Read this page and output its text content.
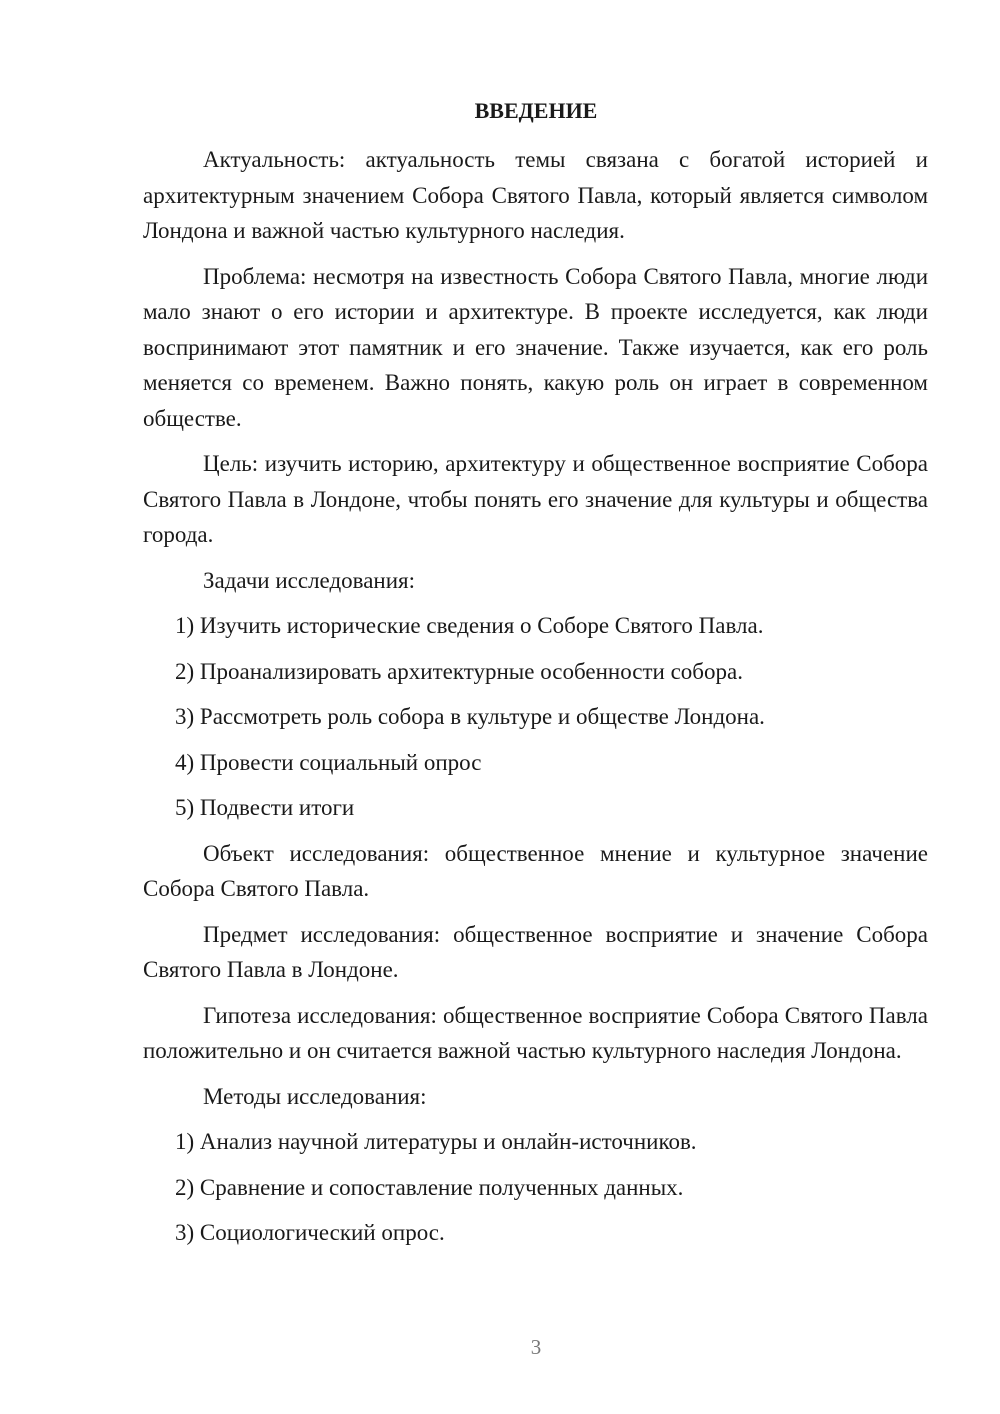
ВВЕДЕНИЕ

Актуальность: актуальность темы связана с богатой историей и архитектурным значением Собора Святого Павла, который является символом Лондона и важной частью культурного наследия.

Проблема: несмотря на известность Собора Святого Павла, многие люди мало знают о его истории и архитектуре. В проекте исследуется, как люди воспринимают этот памятник и его значение. Также изучается, как его роль меняется со временем. Важно понять, какую роль он играет в современном обществе.

Цель: изучить историю, архитектуру и общественное восприятие Собора Святого Павла в Лондоне, чтобы понять его значение для культуры и общества города.

Задачи исследования:

1) Изучить исторические сведения о Соборе Святого Павла.

2) Проанализировать архитектурные особенности собора.

3) Рассмотреть роль собора в культуре и обществе Лондона.

4) Провести социальный опрос

5) Подвести итоги

Объект исследования: общественное мнение и культурное значение Собора Святого Павла.

Предмет исследования: общественное восприятие и значение Собора Святого Павла в Лондоне.

Гипотеза исследования: общественное восприятие Собора Святого Павла положительно и он считается важной частью культурного наследия Лондона.

Методы исследования:

1) Анализ научной литературы и онлайн-источников.

2) Сравнение и сопоставление полученных данных.

3) Социологический опрос.

3
